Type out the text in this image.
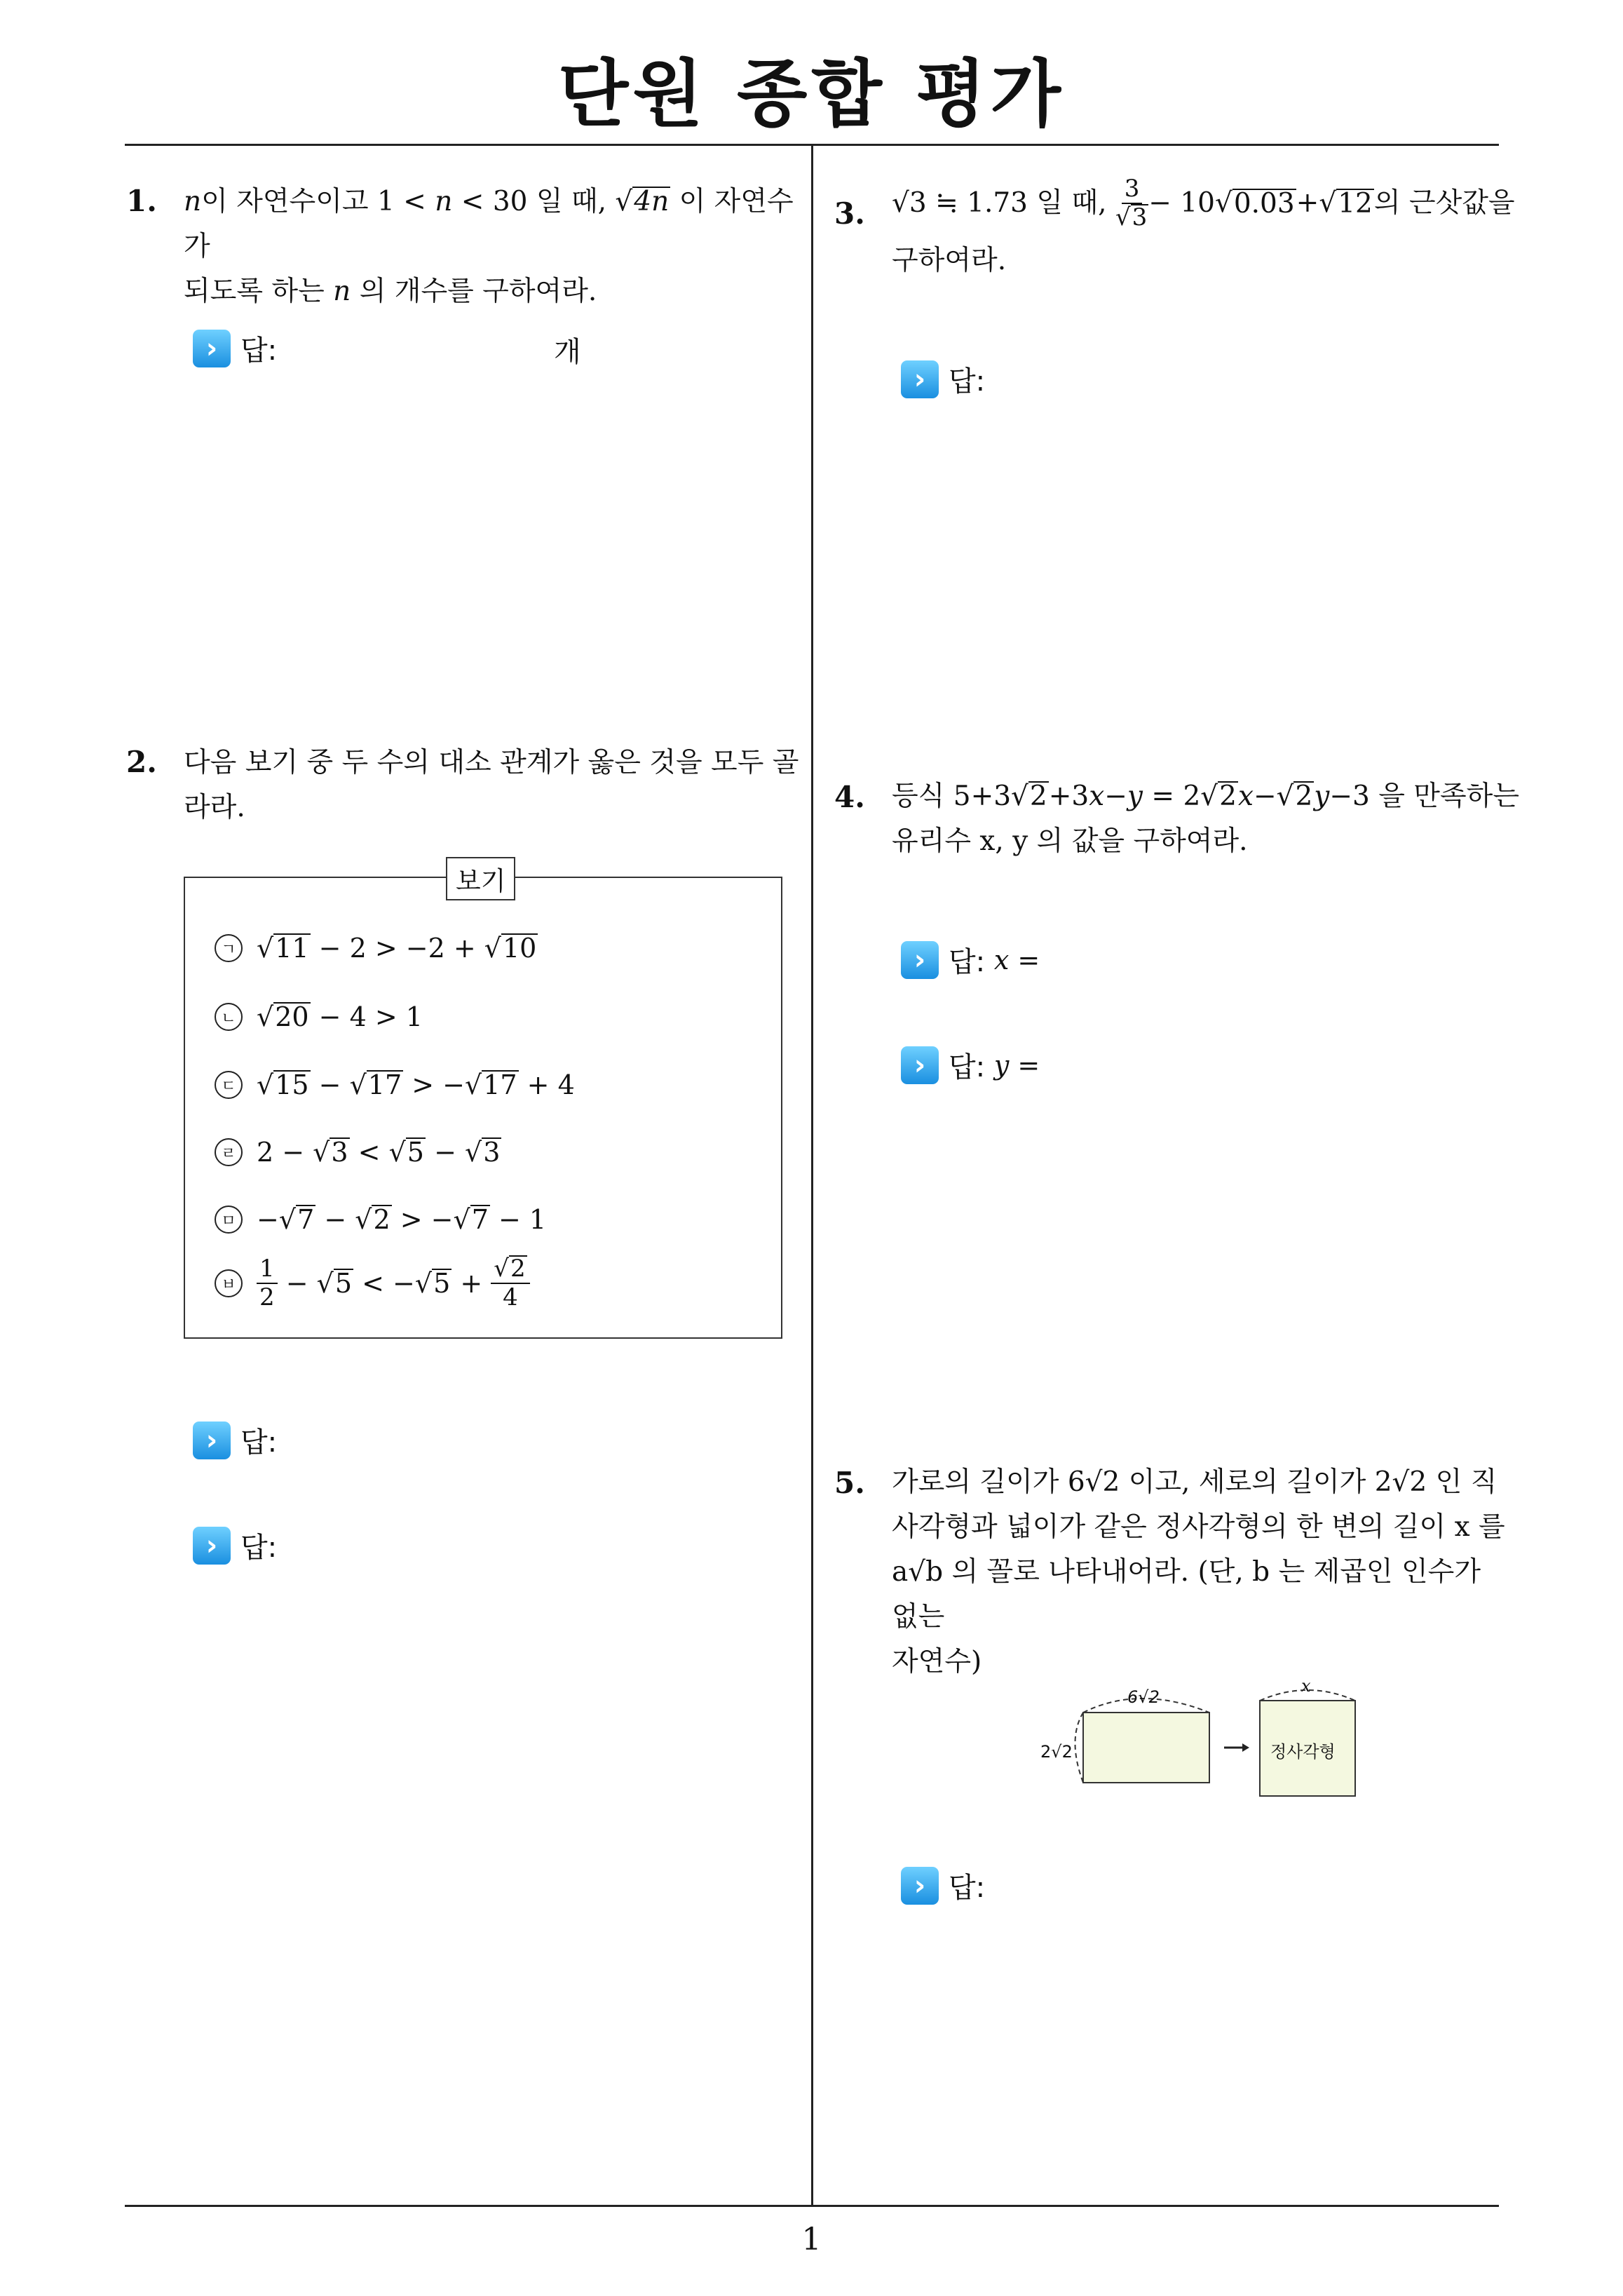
단원 종합 평가
1
1. n이 자연수이고 1 < n < 30 일 때, √4n 이 자연수가
되도록 하는 n 의 개수를 구하여라.
› 답:	개
2. 다음 보기 중 두 수의 대소 관계가 옳은 것을 모두 골
라라.
보기
ㄱ √11 − 2 > −2 + √10
ㄴ √20 − 4 > 1
ㄷ √15 − √17 > −√17 + 4
ㄹ 2 − √3 < √5 − √3
ㅁ −√7 − √2 > −√7 − 1
ㅂ $\frac{1}{2} - √5 < -√5 + \frac{√2}{4}$
› 답:
› 답:
3. √ 3 ≒ 1.73 일 때,
$\frac{3}{√3} - 10$ √ 0.03 + √ 12 의 근삿값을
구하여라.
› 답:
4. 등식 5+3√2+3x−y = 2√2x−√2y−3 을 만족하는
유리수 x, y 의 값을 구하여라.
› 답:
x =
› 답:
y =
5. 가로의 길이가 6√2 이고, 세로의 길이가 2√2 인 직
사각형과 넓이가 같은 정사각형의 한 변의 길이 x 를
a√b 의 꼴로 나타내어라. (단, b 는 제곱인 인수가 없는
자연수)
6√2
2√2
x
정사각형
› 답:
